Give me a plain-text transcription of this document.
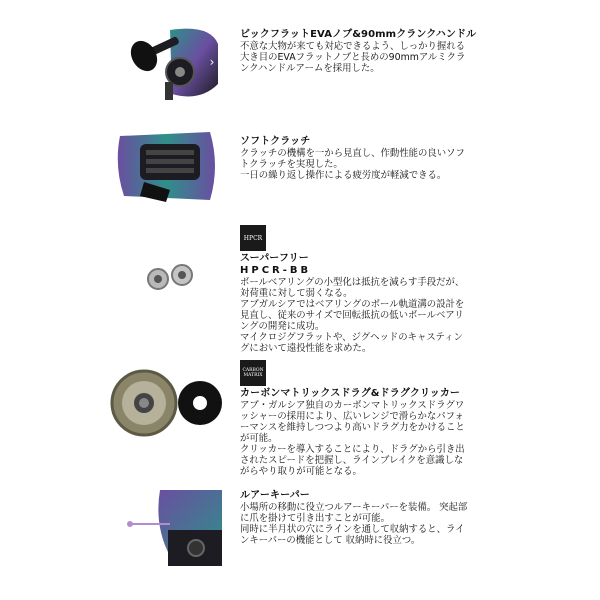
‹	›
ビックフラットEVAノブ&90mmクランクハンドル
不意な大物が来ても対応できるよう、しっかり握れる
大き目のEVAフラットノブと長めの90mmアルミクラ
ンクハンドルアームを採用した。
ソフトクラッチ
クラッチの機構を一から見直し、作動性能の良いソフ
トクラッチを実現した。
一日の繰り返し操作による疲労度が軽減できる。
HPCR
スーパーフリー
HPCR-BB
ボールベアリングの小型化は抵抗を減らす手段だが、
対荷重に対して弱くなる。
アブガルシアではベアリングのボール軌道溝の設計を
見直し、従来のサイズで回転抵抗の低いボールベアリ
ングの開発に成功。
マイクロジグフラットや、ジグヘッドのキャスティン
グにおいて遠投性能を求めた。
CARBON MATRIX
カーボンマトリックスドラグ&ドラグクリッカー
アブ・ガルシア独自のカーボンマトリックスドラグワ
ッシャーの採用により、広いレンジで滑らかなパフォ
ーマンスを維持しつつより高いドラグ力をかけること
が可能。
クリッカーを導入することにより、ドラグから引き出
されたスピードを把握し、ラインブレイクを意識しな
がらやり取りが可能となる。
ルアーキーパー
小場所の移動に役立つルアーキーパーを装備。 突起部
に爪を掛けて引き出すことが可能。
同時に半月状の穴にラインを通して収納すると、ライ
ンキーパーの機能として 収納時に役立つ。
